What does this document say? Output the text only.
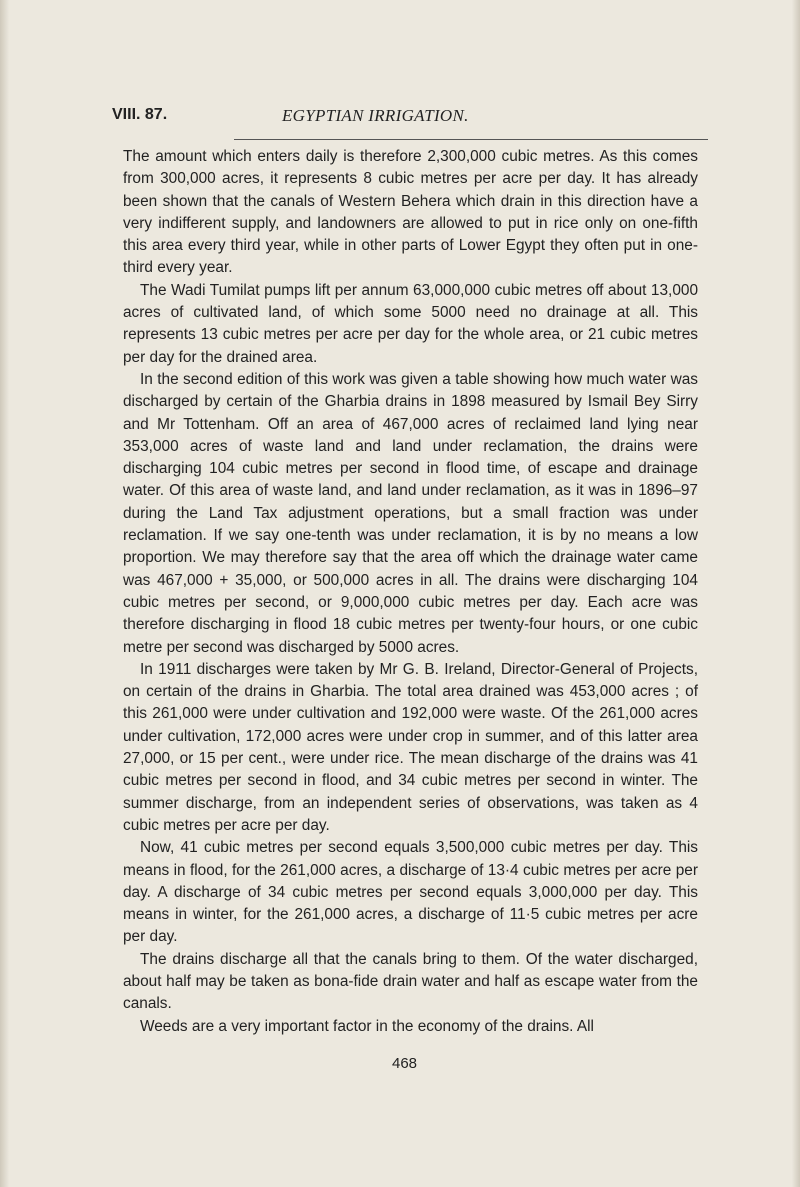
VIII. 87.	EGYPTIAN IRRIGATION.

The amount which enters daily is therefore 2,300,000 cubic metres. As this comes from 300,000 acres, it represents 8 cubic metres per acre per day. It has already been shown that the canals of Western Behera which drain in this direction have a very indifferent supply, and landowners are allowed to put in rice only on one-fifth this area every third year, while in other parts of Lower Egypt they often put in one-third every year.

The Wadi Tumilat pumps lift per annum 63,000,000 cubic metres off about 13,000 acres of cultivated land, of which some 5000 need no drainage at all. This represents 13 cubic metres per acre per day for the whole area, or 21 cubic metres per day for the drained area.

In the second edition of this work was given a table showing how much water was discharged by certain of the Gharbia drains in 1898 measured by Ismail Bey Sirry and Mr Tottenham. Off an area of 467,000 acres of reclaimed land lying near 353,000 acres of waste land and land under reclamation, the drains were discharging 104 cubic metres per second in flood time, of escape and drainage water. Of this area of waste land, and land under reclamation, as it was in 1896–97 during the Land Tax adjustment operations, but a small fraction was under reclamation. If we say one-tenth was under reclamation, it is by no means a low proportion. We may therefore say that the area off which the drainage water came was 467,000 + 35,000, or 500,000 acres in all. The drains were discharging 104 cubic metres per second, or 9,000,000 cubic metres per day. Each acre was therefore discharging in flood 18 cubic metres per twenty-four hours, or one cubic metre per second was discharged by 5000 acres.

In 1911 discharges were taken by Mr G. B. Ireland, Director-General of Projects, on certain of the drains in Gharbia. The total area drained was 453,000 acres ; of this 261,000 were under cultivation and 192,000 were waste. Of the 261,000 acres under cultivation, 172,000 acres were under crop in summer, and of this latter area 27,000, or 15 per cent., were under rice. The mean discharge of the drains was 41 cubic metres per second in flood, and 34 cubic metres per second in winter. The summer discharge, from an independent series of observations, was taken as 4 cubic metres per acre per day.

Now, 41 cubic metres per second equals 3,500,000 cubic metres per day. This means in flood, for the 261,000 acres, a discharge of 13·4 cubic metres per acre per day. A discharge of 34 cubic metres per second equals 3,000,000 per day. This means in winter, for the 261,000 acres, a discharge of 11·5 cubic metres per acre per day.

The drains discharge all that the canals bring to them. Of the water discharged, about half may be taken as bona-fide drain water and half as escape water from the canals.

Weeds are a very important factor in the economy of the drains. All

468
